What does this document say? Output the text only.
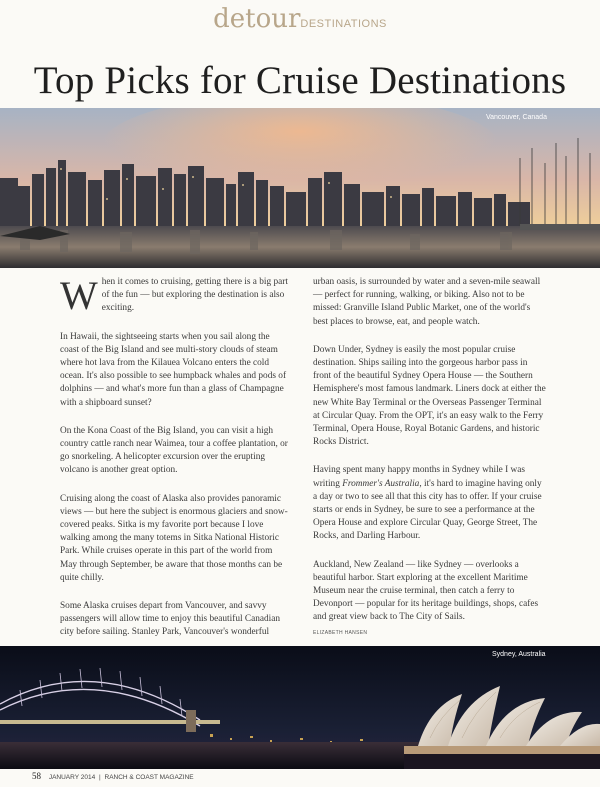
detourDESTINATIONS
Top Picks for Cruise Destinations
Vancouver, Canada

When it comes to cruising, getting there is a big part of the fun — but exploring the destination is also exciting.

In Hawaii, the sightseeing starts when you sail along the coast of the Big Island and see multi-story clouds of steam where hot lava from the Kilauea Volcano enters the cold ocean. It's also possible to see humpback whales and pods of dolphins — and what's more fun than a glass of Champagne with a shipboard sunset?

On the Kona Coast of the Big Island, you can visit a high country cattle ranch near Waimea, tour a coffee plantation, or go snorkeling. A helicopter excursion over the erupting volcano is another great option.

Cruising along the coast of Alaska also provides panoramic views — but here the subject is enormous glaciers and snow-covered peaks. Sitka is my favorite port because I love walking among the many totems in Sitka National Historic Park. While cruises operate in this part of the world from May through September, be aware that those months can be quite chilly.

Some Alaska cruises depart from Vancouver, and savvy passengers will allow time to enjoy this beautiful Canadian city before sailing. Stanley Park, Vancouver's wonderful

urban oasis, is surrounded by water and a seven-mile seawall — perfect for running, walking, or biking. Also not to be missed: Granville Island Public Market, one of the world's best places to browse, eat, and people watch.

Down Under, Sydney is easily the most popular cruise destination. Ships sailing into the gorgeous harbor pass in front of the beautiful Sydney Opera House — the Southern Hemisphere's most famous landmark. Liners dock at either the new White Bay Terminal or the Overseas Passenger Terminal at Circular Quay. From the OPT, it's an easy walk to the Ferry Terminal, Opera House, Royal Botanic Gardens, and historic Rocks District.

Having spent many happy months in Sydney while I was writing Frommer's Australia, it's hard to imagine having only a day or two to see all that this city has to offer. If your cruise starts or ends in Sydney, be sure to see a performance at the Opera House and explore Circular Quay, George Street, The Rocks, and Darling Harbour.

Auckland, New Zealand — like Sydney — overlooks a beautiful harbor. Start exploring at the excellent Maritime Museum near the cruise terminal, then catch a ferry to Devonport — popular for its heritage buildings, shops, cafes and great view back to The City of Sails.

ELIZABETH HANSEN
Sydney, Australia
58 JANUARY 2014 | RANCH & COAST MAGAZINE
